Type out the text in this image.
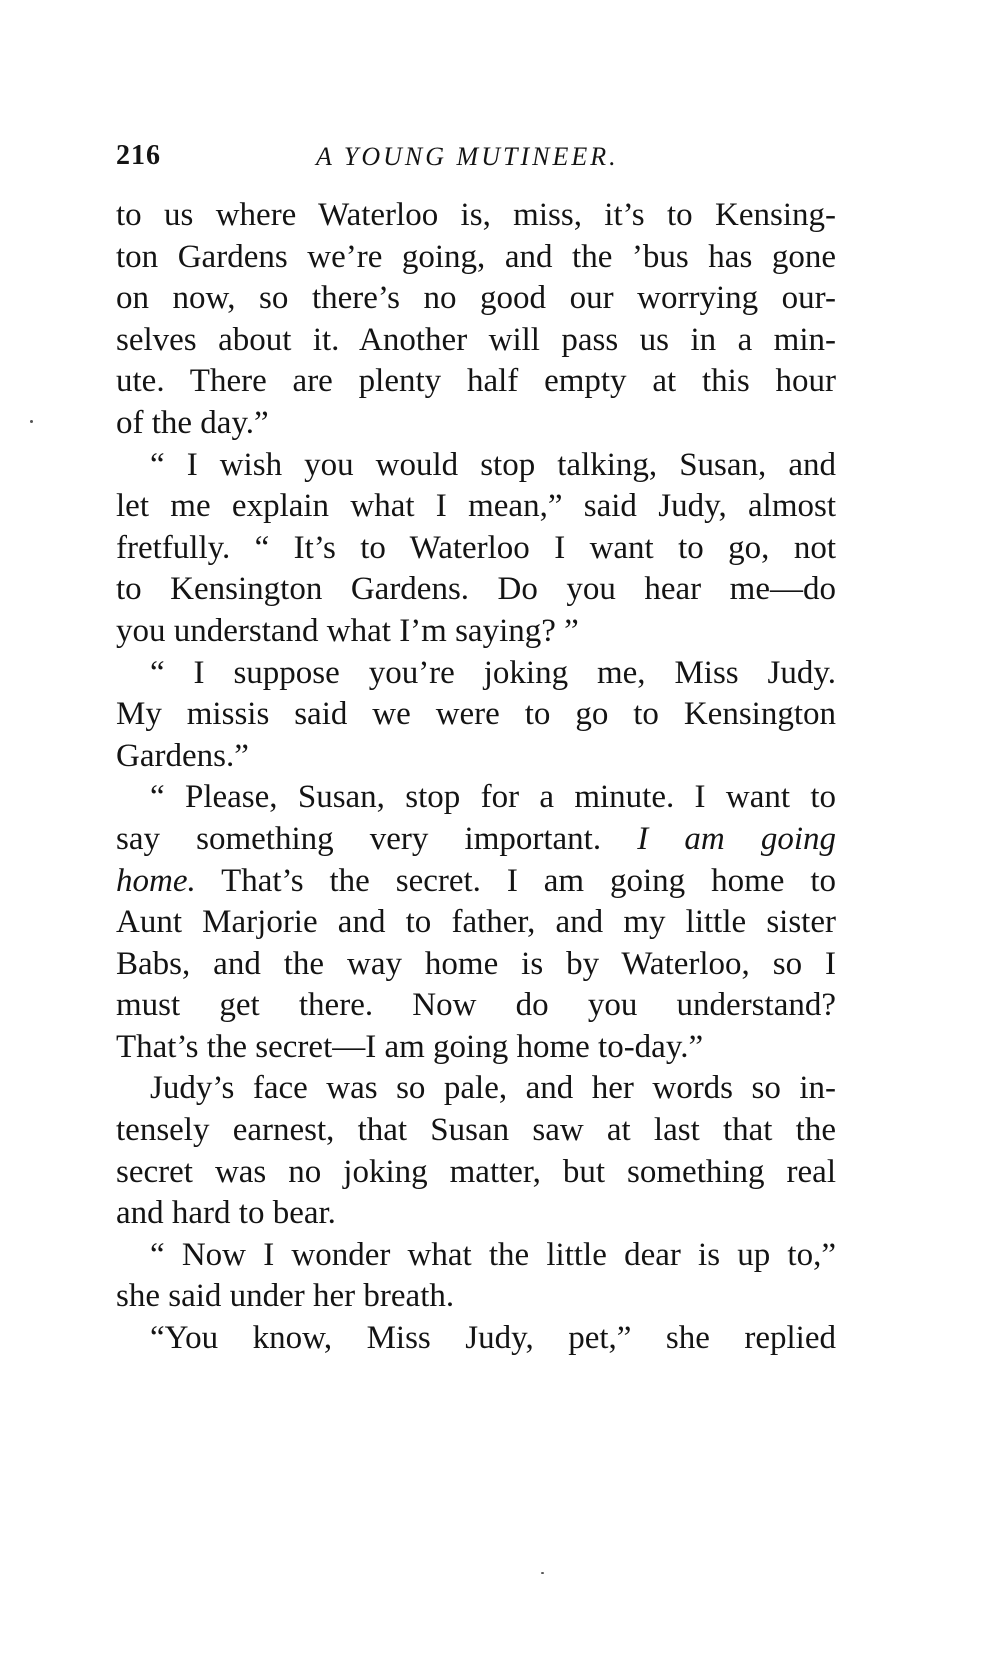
216	A YOUNG MUTINEER.
to us where Waterloo is, miss, it’s to Kensing-
ton Gardens we’re going, and the ’bus has gone
on now, so there’s no good our worrying our-
selves about it. Another will pass us in a min-
ute. There are plenty half empty at this hour
of the day.”
“ I wish you would stop talking, Susan, and
let me explain what I mean,” said Judy, almost
fretfully. “ It’s to Waterloo I want to go, not
to Kensington Gardens. Do you hear me—do
you understand what I’m saying? ”
“ I suppose you’re joking me, Miss Judy.
My missis said we were to go to Kensington
Gardens.”
“ Please, Susan, stop for a minute. I want to
say something very important. I am going
home. That’s the secret. I am going home to
Aunt Marjorie and to father, and my little sister
Babs, and the way home is by Waterloo, so I
must get there. Now do you understand?
That’s the secret—I am going home to-day.”
Judy’s face was so pale, and her words so in-
tensely earnest, that Susan saw at last that the
secret was no joking matter, but something real
and hard to bear.
“ Now I wonder what the little dear is up to,”
she said under her breath.
“You know, Miss Judy, pet,” she replied
